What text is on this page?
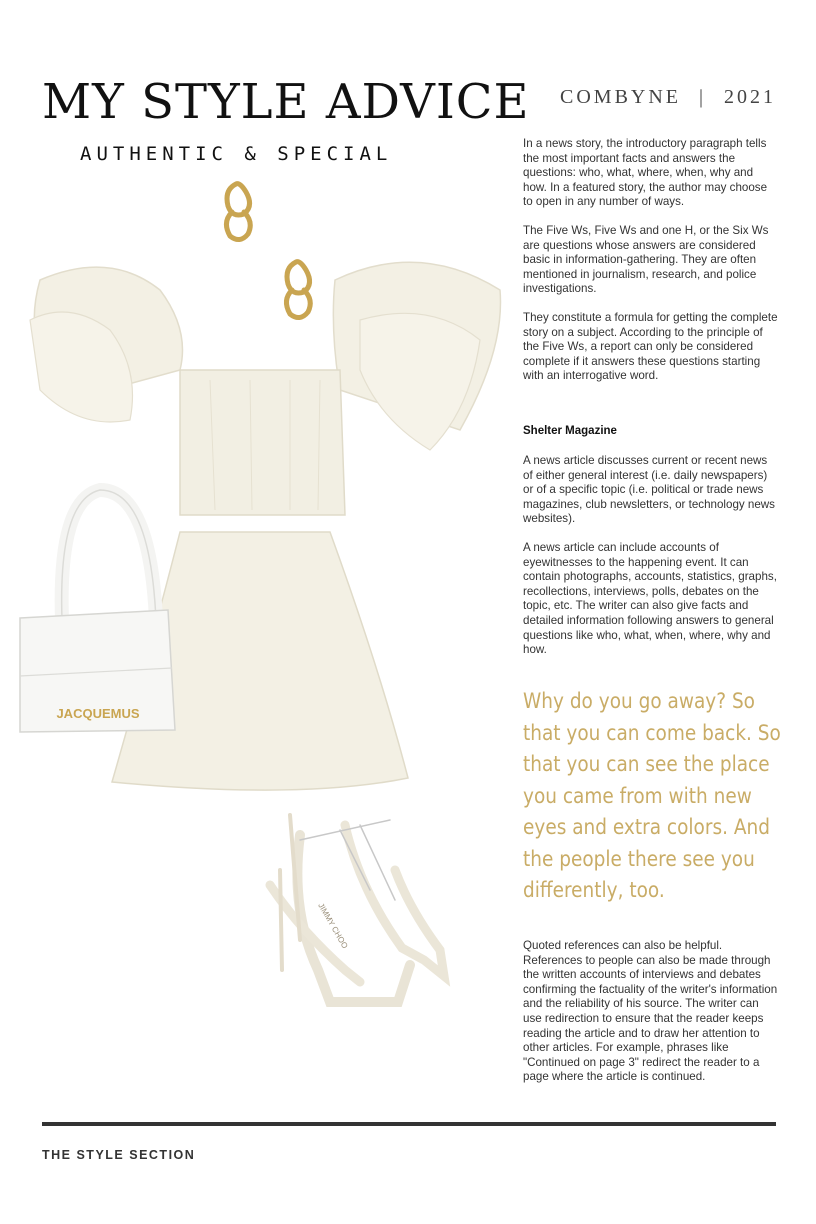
MY STYLE ADVICE
AUTHENTIC & SPECIAL
COMBYNE | 2021
JACQUEMUS
JIMMY CHOO

In a news story, the introductory paragraph tells the most important facts and answers the questions: who, what, where, when, why and how. In a featured story, the author may choose to open in any number of ways.

The Five Ws, Five Ws and one H, or the Six Ws are questions whose answers are considered basic in information-gathering. They are often mentioned in journalism, research, and police investigations.

They constitute a formula for getting the complete story on a subject. According to the principle of the Five Ws, a report can only be considered complete if it answers these questions starting with an interrogative word.

Shelter Magazine

A news article discusses current or recent news of either general interest (i.e. daily newspapers) or of a specific topic (i.e. political or trade news magazines, club newsletters, or technology news websites).

A news article can include accounts of eyewitnesses to the happening event. It can contain photographs, accounts, statistics, graphs, recollections, interviews, polls, debates on the topic, etc. The writer can also give facts and detailed information following answers to general questions like who, what, when, where, why and how.

Why do you go away? So that you can come back. So that you can see the place you came from with new eyes and extra colors. And the people there see you differently, too.

Quoted references can also be helpful. References to people can also be made through the written accounts of interviews and debates confirming the factuality of the writer's information and the reliability of his source. The writer can use redirection to ensure that the reader keeps reading the article and to draw her attention to other articles. For example, phrases like "Continued on page 3" redirect the reader to a page where the article is continued.

THE STYLE SECTION
